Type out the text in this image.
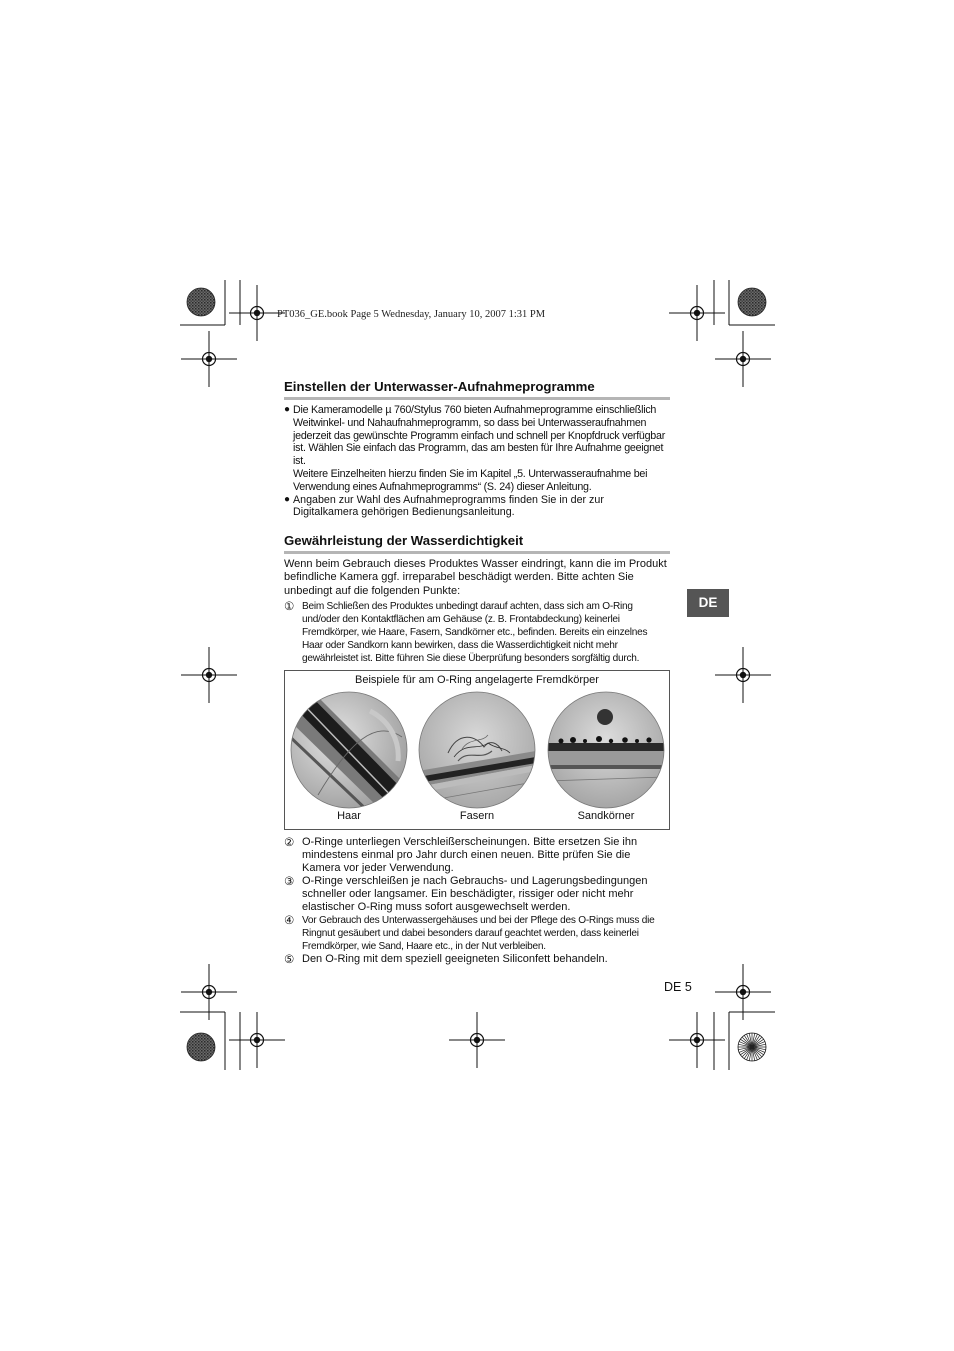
PT036_GE.book Page 5 Wednesday, January 10, 2007 1:31 PM
Einstellen der Unterwasser-Aufnahmeprogramme
● Die Kameramodelle µ 760/Stylus 760 bieten Aufnahmeprogramme einschließlich Weitwinkel- und Nahaufnahmeprogramm, so dass bei Unterwasseraufnahmen jederzeit das gewünschte Programm einfach und schnell per Knopfdruck verfügbar ist. Wählen Sie einfach das Programm, das am besten für Ihre Aufnahme geeignet ist.
Weitere Einzelheiten hierzu finden Sie im Kapitel „5. Unterwasseraufnahme bei Verwendung eines Aufnahmeprogramms“ (S. 24) dieser Anleitung.
● Angaben zur Wahl des Aufnahmeprogramms finden Sie in der zur Digitalkamera gehörigen Bedienungsanleitung.
Gewährleistung der Wasserdichtigkeit

Wenn beim Gebrauch dieses Produktes Wasser eindringt, kann die im Produkt befindliche Kamera ggf. irreparabel beschädigt werden. Bitte achten Sie unbedingt auf die folgenden Punkte:

① Beim Schließen des Produktes unbedingt darauf achten, dass sich am O-Ring und/oder den Kontaktflächen am Gehäuse (z. B. Frontabdeckung) keinerlei Fremdkörper, wie Haare, Fasern, Sandkörner etc., befinden. Bereits ein einzelnes Haar oder Sandkorn kann bewirken, dass die Wasserdichtigkeit nicht mehr gewährleistet ist. Bitte führen Sie diese Überprüfung besonders sorgfältig durch.
Beispiele für am O-Ring angelagerte Fremdkörper
Haar	Fasern	Sandkörner
② O-Ringe unterliegen Verschleißerscheinungen. Bitte ersetzen Sie ihn mindestens einmal pro Jahr durch einen neuen. Bitte prüfen Sie die Kamera vor jeder Verwendung.
③ O-Ringe verschleißen je nach Gebrauchs- und Lagerungsbedingungen schneller oder langsamer. Ein beschädigter, rissiger oder nicht mehr elastischer O-Ring muss sofort ausgewechselt werden.
④ Vor Gebrauch des Unterwassergehäuses und bei der Pflege des O-Rings muss die Ringnut gesäubert und dabei besonders darauf geachtet werden, dass keinerlei Fremdkörper, wie Sand, Haare etc., in der Nut verbleiben.
⑤ Den O-Ring mit dem speziell geeigneten Siliconfett behandeln.
DE
DE 5
